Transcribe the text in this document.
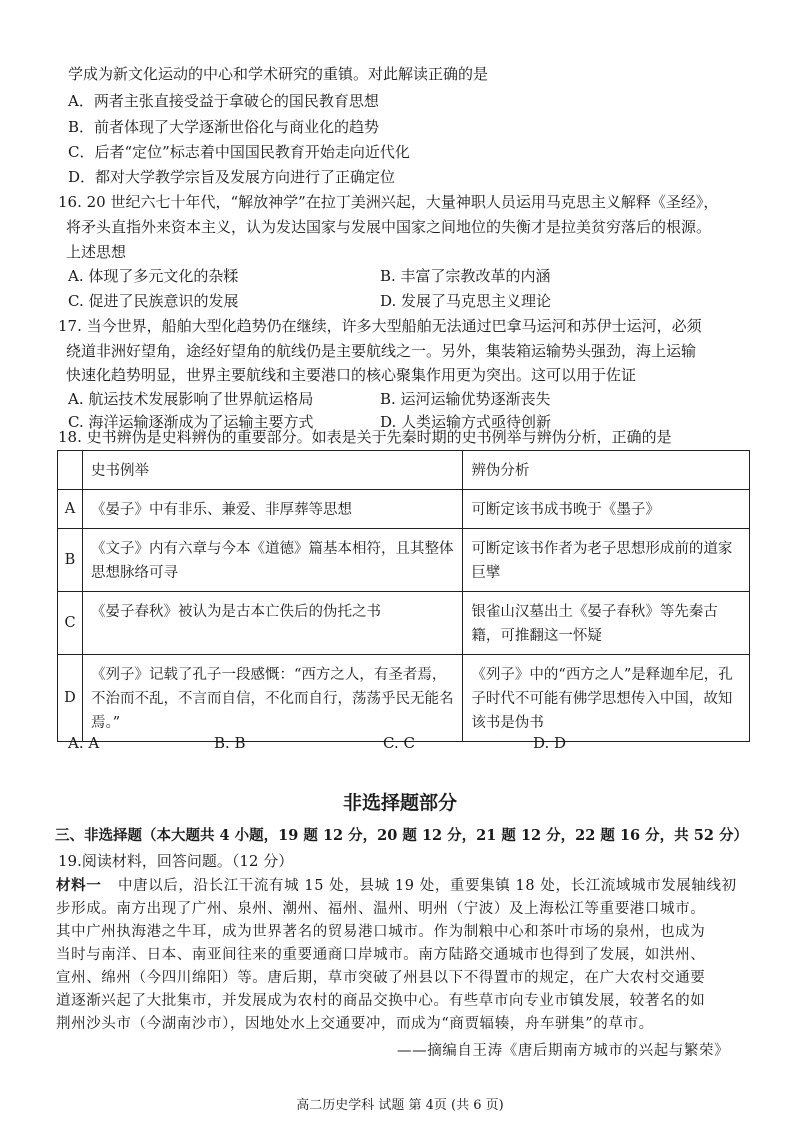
学成为新文化运动的中心和学术研究的重镇。对此解读正确的是
A．两者主张直接受益于拿破仑的国民教育思想
B．前者体现了大学逐渐世俗化与商业化的趋势
C．后者“定位”标志着中国国民教育开始走向近代化
D．都对大学教学宗旨及发展方向进行了正确定位
16. 20 世纪六七十年代，“解放神学”在拉丁美洲兴起，大量神职人员运用马克思主义解释《圣经》，
将矛头直指外来资本主义，认为发达国家与发展中国家之间地位的失衡才是拉美贫穷落后的根源。
上述思想
A. 体现了多元文化的杂糅	B. 丰富了宗教改革的内涵
C. 促进了民族意识的发展	D. 发展了马克思主义理论
17. 当今世界，船舶大型化趋势仍在继续，许多大型船舶无法通过巴拿马运河和苏伊士运河，必须
绕道非洲好望角，途经好望角的航线仍是主要航线之一。另外，集装箱运输势头强劲，海上运输
快速化趋势明显，世界主要航线和主要港口的核心聚集作用更为突出。这可以用于佐证
A. 航运技术发展影响了世界航运格局	B. 运河运输优势逐渐丧失
C. 海洋运输逐渐成为了运输主要方式	D. 人类运输方式亟待创新
18. 史书辨伪是史料辨伪的重要部分。如表是关于先秦时期的史书例举与辨伪分析，正确的是
	史书例举	辨伪分析
A	《晏子》中有非乐、兼爱、非厚葬等思想	可断定该书成书晚于《墨子》
B	《文子》内有六章与今本《道德》篇基本相符，且其整体思想脉络可寻	可断定该书作者为老子思想形成前的道家巨擘
C	《晏子春秋》被认为是古本亡佚后的伪托之书	银雀山汉墓出土《晏子春秋》等先秦古籍，可推翻这一怀疑
D	《列子》记载了孔子一段感慨：“西方之人，有圣者焉，不治而不乱，不言而自信，不化而自行，荡荡乎民无能名焉。”	《列子》中的“西方之人”是释迦牟尼，孔子时代不可能有佛学思想传入中国，故知该书是伪书
A. A	B. B	C. C	D. D
非选择题部分
三、非选择题（本大题共 4 小题，19 题 12 分，20 题 12 分，21 题 12 分，22 题 16 分，共 52 分）
19.阅读材料，回答问题。（12 分）
材料一 中唐以后，沿长江干流有城 15 处，县城 19 处，重要集镇 18 处，长江流域城市发展轴线初
步形成。南方出现了广州、泉州、潮州、福州、温州、明州（宁波）及上海松江等重要港口城市。
其中广州执海港之牛耳，成为世界著名的贸易港口城市。作为制粮中心和茶叶市场的泉州，也成为
当时与南洋、日本、南亚间往来的重要通商口岸城市。南方陆路交通城市也得到了发展，如洪州、
宣州、绵州（今四川绵阳）等。唐后期，草市突破了州县以下不得置市的规定，在广大农村交通要
道逐渐兴起了大批集市，并发展成为农村的商品交换中心。有些草市向专业市镇发展，较著名的如
荆州沙头市（今湖南沙市），因地处水上交通要冲，而成为“商贾辐辏，舟车骈集”的草市。
——摘编自王涛《唐后期南方城市的兴起与繁荣》
高二历史学科 试题 第 4页 (共 6 页)
